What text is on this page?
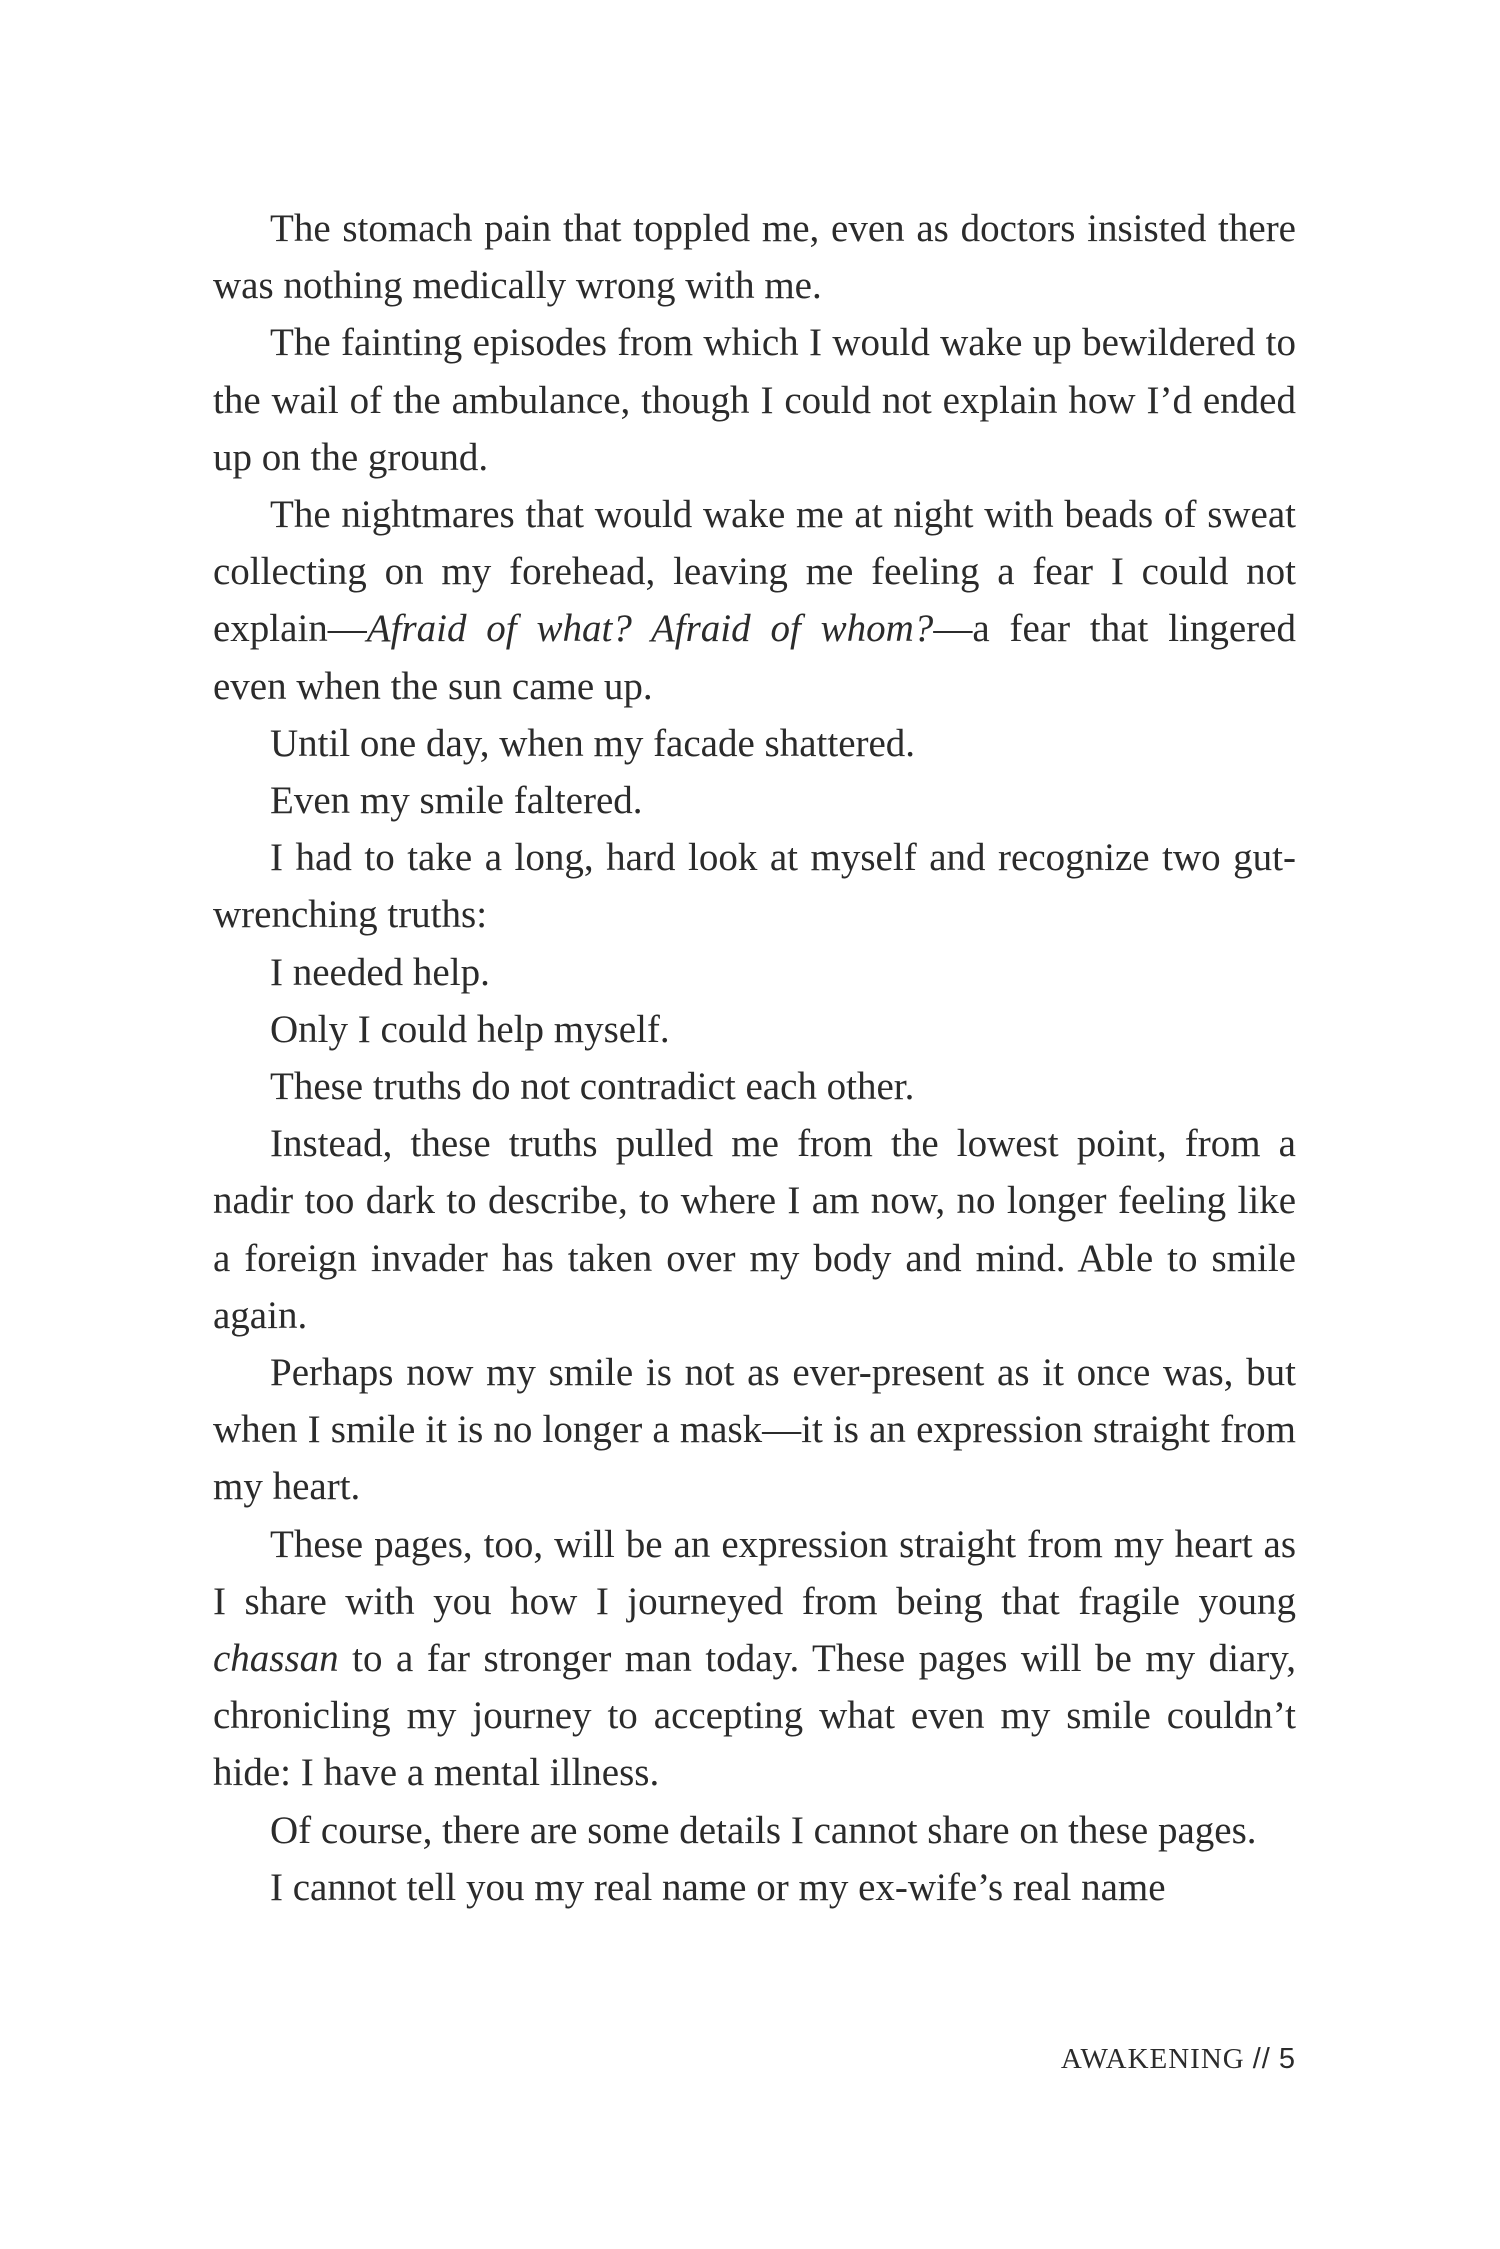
The stomach pain that toppled me, even as doctors insisted there was nothing medically wrong with me.

The fainting episodes from which I would wake up bewildered to the wail of the ambulance, though I could not explain how I’d ended up on the ground.

The nightmares that would wake me at night with beads of sweat collecting on my forehead, leaving me feeling a fear I could not explain—Afraid of what? Afraid of whom?—a fear that lingered even when the sun came up.

Until one day, when my facade shattered.

Even my smile faltered.

I had to take a long, hard look at myself and recognize two gut-wrenching truths:

I needed help.

Only I could help myself.

These truths do not contradict each other.

Instead, these truths pulled me from the lowest point, from a nadir too dark to describe, to where I am now, no longer feeling like a foreign invader has taken over my body and mind. Able to smile again.

Perhaps now my smile is not as ever-present as it once was, but when I smile it is no longer a mask—it is an expression straight from my heart.

These pages, too, will be an expression straight from my heart as I share with you how I journeyed from being that fragile young chassan to a far stronger man today. These pages will be my diary, chronicling my journey to accepting what even my smile couldn’t hide: I have a mental illness.

Of course, there are some details I cannot share on these pages.

I cannot tell you my real name or my ex-wife’s real name

AWAKENING // 5
